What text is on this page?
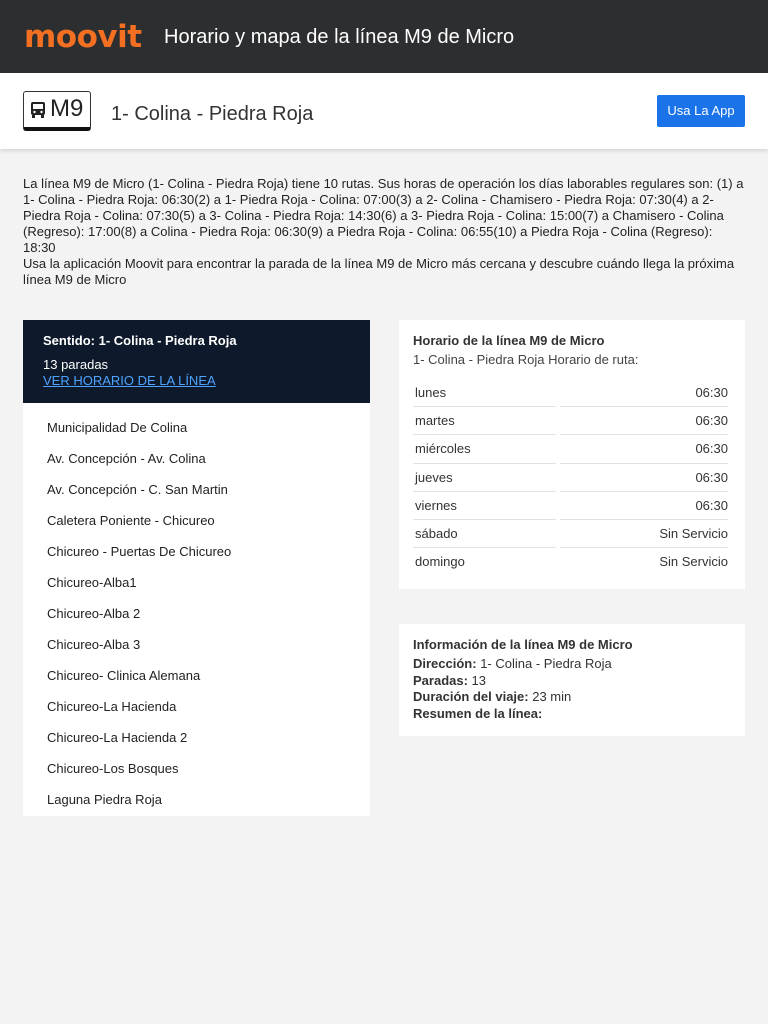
moovit Horario y mapa de la línea M9 de Micro
M9 1- Colina - Piedra Roja	Usa La App

La línea M9 de Micro (1- Colina - Piedra Roja) tiene 10 rutas. Sus horas de operación los días laborables regulares son: (1) a 1- Colina - Piedra Roja: 06:30(2) a 1- Piedra Roja - Colina: 07:00(3) a 2- Colina - Chamisero - Piedra Roja: 07:30(4) a 2- Piedra Roja - Colina: 07:30(5) a 3- Colina - Piedra Roja: 14:30(6) a 3- Piedra Roja - Colina: 15:00(7) a Chamisero - Colina (Regreso): 17:00(8) a Colina - Piedra Roja: 06:30(9) a Piedra Roja - Colina: 06:55(10) a Piedra Roja - Colina (Regreso): 18:30

Usa la aplicación Moovit para encontrar la parada de la línea M9 de Micro más cercana y descubre cuándo llega la próxima línea M9 de Micro

Sentido: 1- Colina - Piedra Roja
13 paradas
VER HORARIO DE LA LÍNEA
Municipalidad De Colina
Av. Concepción - Av. Colina
Av. Concepción - C. San Martin
Caletera Poniente - Chicureo
Chicureo - Puertas De Chicureo
Chicureo-Alba1
Chicureo-Alba 2
Chicureo-Alba 3
Chicureo- Clinica Alemana
Chicureo-La Hacienda
Chicureo-La Hacienda 2
Chicureo-Los Bosques
Laguna Piedra Roja
Horario de la línea M9 de Micro
1- Colina - Piedra Roja Horario de ruta:
lunes	06:30
martes	06:30
miércoles	06:30
jueves	06:30
viernes	06:30
sábado	Sin Servicio
domingo	Sin Servicio
Información de la línea M9 de Micro
Dirección: 1- Colina - Piedra Roja
Paradas: 13
Duración del viaje: 23 min
Resumen de la línea:
